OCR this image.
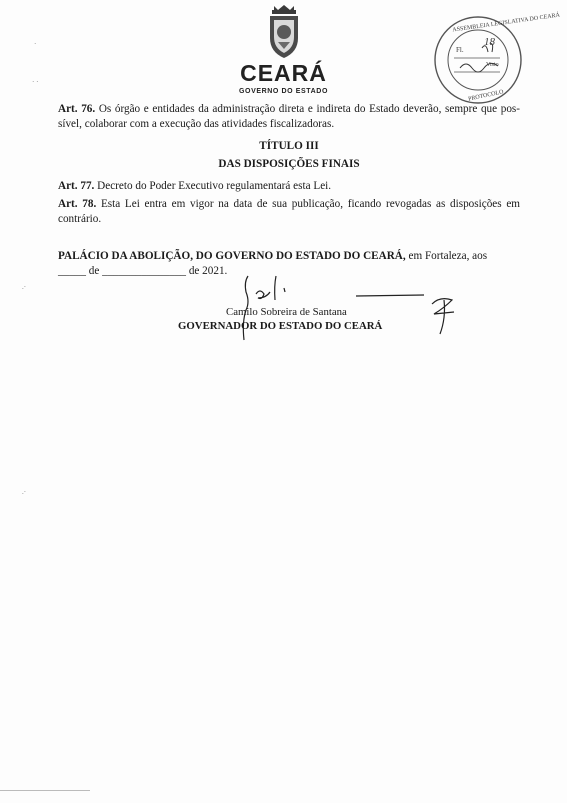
CEARÁ
GOVERNO DO ESTADO
ASSEMBLEIA LEGISLATIVA DO CEARÁ
PROTOCOLO
Fl.
18
Visto
·
· ·
.·
.·
Art. 76. Os órgão e entidades da administração direta e indireta do Estado deverão, sempre que pos-sível, colaborar com a execução das atividades fiscalizadoras.
TÍTULO III
DAS DISPOSIÇÕES FINAIS
Art. 77. Decreto do Poder Executivo regulamentará esta Lei.
Art. 78. Esta Lei entra em vigor na data de sua publicação, ficando revogadas as disposições em contrário.
PALÁCIO DA ABOLIÇÃO, DO GOVERNO DO ESTADO DO CEARÁ, em Fortaleza, aos
_____ de _______________ de 2021.
Camilo Sobreira de Santana
GOVERNADOR DO ESTADO DO CEARÁ
